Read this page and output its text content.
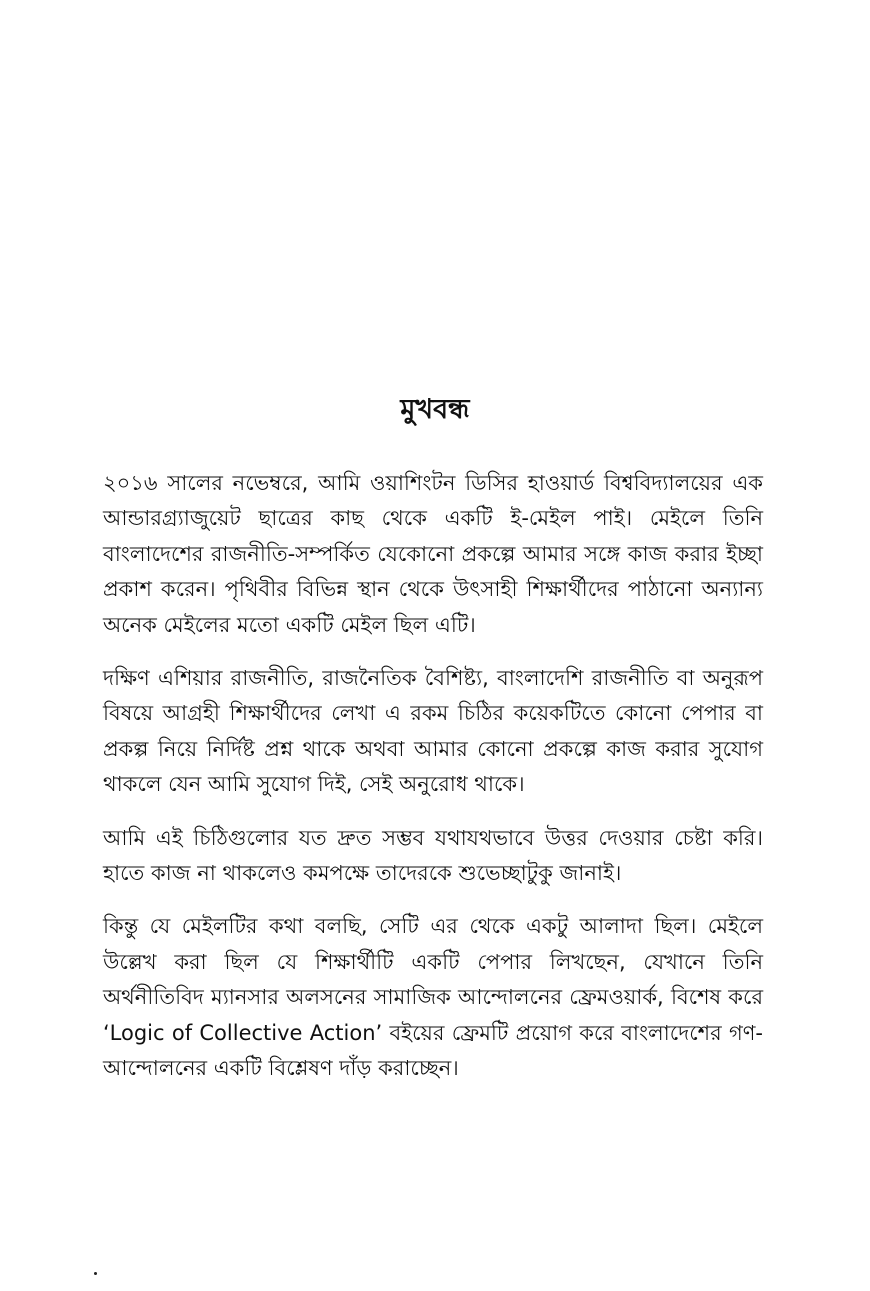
মুখবন্ধ

২০১৬ সালের নভেম্বরে, আমি ওয়াশিংটন ডিসির হাওয়ার্ড বিশ্ববিদ্যালয়ের এক আন্ডারগ্র্যাজুয়েট ছাত্রের কাছ থেকে একটি ই-মেইল পাই। মেইলে তিনি বাংলাদেশের রাজনীতি-সম্পর্কিত যেকোনো প্রকল্পে আমার সঙ্গে কাজ করার ইচ্ছা প্রকাশ করেন। পৃথিবীর বিভিন্ন স্থান থেকে উৎসাহী শিক্ষার্থীদের পাঠানো অন্যান্য অনেক মেইলের মতো একটি মেইল ছিল এটি।

দক্ষিণ এশিয়ার রাজনীতি, রাজনৈতিক বৈশিষ্ট্য, বাংলাদেশি রাজনীতি বা অনুরূপ বিষয়ে আগ্রহী শিক্ষার্থীদের লেখা এ রকম চিঠির কয়েকটিতে কোনো পেপার বা প্রকল্প নিয়ে নির্দিষ্ট প্রশ্ন থাকে অথবা আমার কোনো প্রকল্পে কাজ করার সুযোগ থাকলে যেন আমি সুযোগ দিই, সেই অনুরোধ থাকে।

আমি এই চিঠিগুলোর যত দ্রুত সম্ভব যথাযথভাবে উত্তর দেওয়ার চেষ্টা করি। হাতে কাজ না থাকলেও কমপক্ষে তাদেরকে শুভেচ্ছাটুকু জানাই।

কিন্তু যে মেইলটির কথা বলছি, সেটি এর থেকে একটু আলাদা ছিল। মেইলে উল্লেখ করা ছিল যে শিক্ষার্থীটি একটি পেপার লিখছেন, যেখানে তিনি অর্থনীতিবিদ ম্যানসার অলসনের সামাজিক আন্দোলনের ফ্রেমওয়ার্ক, বিশেষ করে ‘Logic of Collective Action’ বইয়ের ফ্রেমটি প্রয়োগ করে বাংলাদেশের গণ-আন্দোলনের একটি বিশ্লেষণ দাঁড় করাচ্ছেন।
